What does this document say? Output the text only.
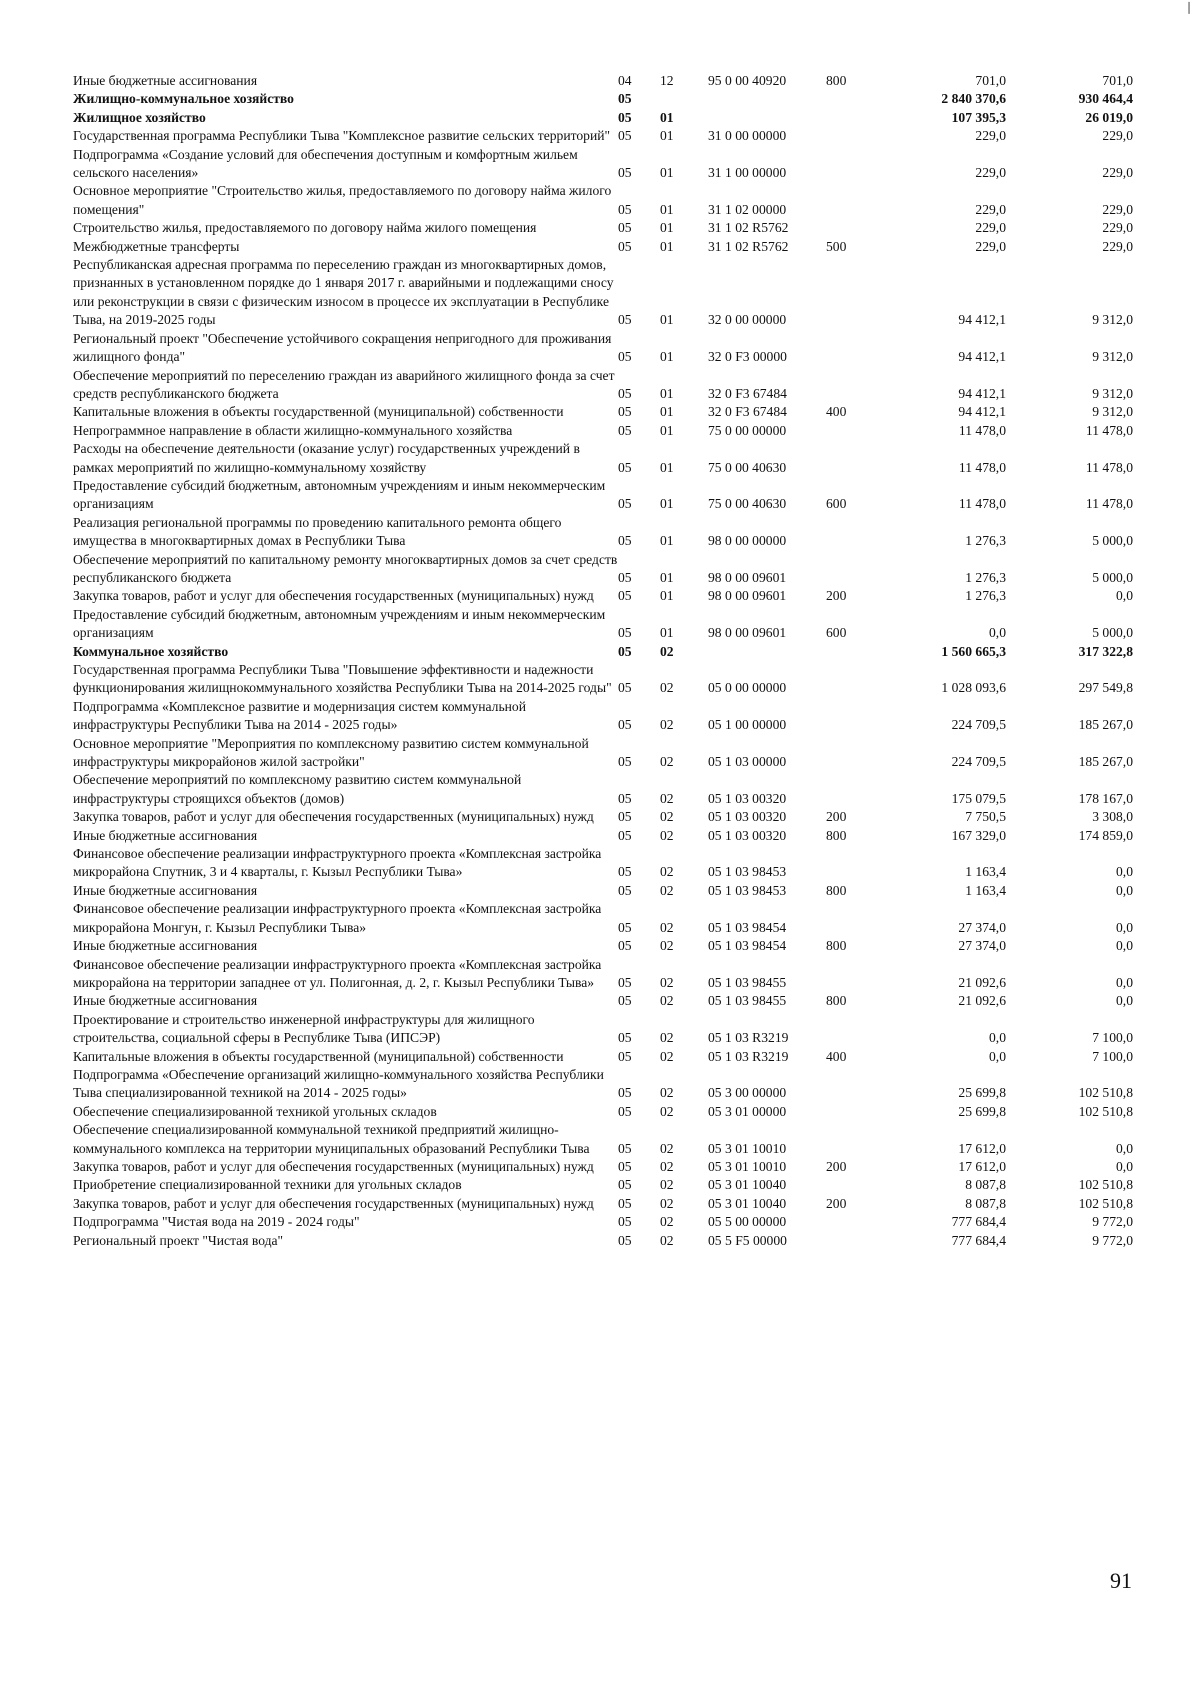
❘
Иные бюджетные ассигнования	04	12	95 0 00 40920	800	701,0	701,0
Жилищно-коммунальное хозяйство	05				2 840 370,6	930 464,4
Жилищное хозяйство	05	01			107 395,3	26 019,0
Государственная программа Республики Тыва "Комплексное развитие сельских территорий"	05	01	31 0 00 00000		229,0	229,0
Подпрограмма «Создание условий для обеспечения доступным и комфортным жильем сельского населения»	05	01	31 1 00 00000		229,0	229,0
Основное мероприятие "Строительство жилья, предоставляемого по договору найма жилого помещения"	05	01	31 1 02 00000		229,0	229,0
Строительство жилья, предоставляемого по договору найма жилого помещения	05	01	31 1 02 R5762		229,0	229,0
Межбюджетные трансферты	05	01	31 1 02 R5762	500	229,0	229,0
Республиканская адресная программа по переселению граждан из многоквартирных домов, признанных в установленном порядке до 1 января 2017 г. аварийными и подлежащими сносу или реконструкции в связи с физическим износом в процессе их эксплуатации в Республике Тыва, на 2019-2025 годы	05	01	32 0 00 00000		94 412,1	9 312,0
Региональный проект "Обеспечение устойчивого сокращения непригодного для проживания жилищного фонда"	05	01	32 0 F3 00000		94 412,1	9 312,0
Обеспечение мероприятий по переселению граждан из аварийного жилищного фонда за счет средств республиканского бюджета	05	01	32 0 F3 67484		94 412,1	9 312,0
Капитальные вложения в объекты государственной (муниципальной) собственности	05	01	32 0 F3 67484	400	94 412,1	9 312,0
Непрограммное направление в области жилищно-коммунального хозяйства	05	01	75 0 00 00000		11 478,0	11 478,0
Расходы на обеспечение деятельности (оказание услуг) государственных учреждений в рамках мероприятий по жилищно-коммунальному хозяйству	05	01	75 0 00 40630		11 478,0	11 478,0
Предоставление субсидий бюджетным, автономным учреждениям и иным некоммерческим организациям	05	01	75 0 00 40630	600	11 478,0	11 478,0
Реализация региональной программы по проведению капитального ремонта общего имущества в многоквартирных домах в Республики Тыва	05	01	98 0 00 00000		1 276,3	5 000,0
Обеспечение мероприятий по капитальному ремонту многоквартирных домов за счет средств республиканского бюджета	05	01	98 0 00 09601		1 276,3	5 000,0
Закупка товаров, работ и услуг для обеспечения государственных (муниципальных) нужд	05	01	98 0 00 09601	200	1 276,3	0,0
Предоставление субсидий бюджетным, автономным учреждениям и иным некоммерческим организациям	05	01	98 0 00 09601	600	0,0	5 000,0
Коммунальное хозяйство	05	02			1 560 665,3	317 322,8
Государственная программа Республики Тыва "Повышение эффективности и надежности функционирования жилищнокоммунального хозяйства Республики Тыва на 2014-2025 годы"	05	02	05 0 00 00000		1 028 093,6	297 549,8
Подпрограмма «Комплексное развитие и модернизация систем коммунальной инфраструктуры Республики Тыва на 2014 - 2025 годы»	05	02	05 1 00 00000		224 709,5	185 267,0
Основное мероприятие "Мероприятия по комплексному развитию систем коммунальной инфраструктуры микрорайонов жилой застройки"	05	02	05 1 03 00000		224 709,5	185 267,0
Обеспечение мероприятий по комплексному развитию систем коммунальной инфраструктуры строящихся объектов (домов)	05	02	05 1 03 00320		175 079,5	178 167,0
Закупка товаров, работ и услуг для обеспечения государственных (муниципальных) нужд	05	02	05 1 03 00320	200	7 750,5	3 308,0
Иные бюджетные ассигнования	05	02	05 1 03 00320	800	167 329,0	174 859,0
Финансовое обеспечение реализации инфраструктурного проекта «Комплексная застройка микрорайона Спутник, 3 и 4 кварталы, г. Кызыл Республики Тыва»	05	02	05 1 03 98453		1 163,4	0,0
Иные бюджетные ассигнования	05	02	05 1 03 98453	800	1 163,4	0,0
Финансовое обеспечение реализации инфраструктурного проекта «Комплексная застройка микрорайона Монгун, г. Кызыл Республики Тыва»	05	02	05 1 03 98454		27 374,0	0,0
Иные бюджетные ассигнования	05	02	05 1 03 98454	800	27 374,0	0,0
Финансовое обеспечение реализации инфраструктурного проекта «Комплексная застройка микрорайона на территории западнее от ул. Полигонная, д. 2, г. Кызыл Республики Тыва»	05	02	05 1 03 98455		21 092,6	0,0
Иные бюджетные ассигнования	05	02	05 1 03 98455	800	21 092,6	0,0
Проектирование и строительство инженерной инфраструктуры для жилищного строительства, социальной сферы в Республике Тыва (ИПСЭР)	05	02	05 1 03 R3219		0,0	7 100,0
Капитальные вложения в объекты государственной (муниципальной) собственности	05	02	05 1 03 R3219	400	0,0	7 100,0
Подпрограмма «Обеспечение организаций жилищно-коммунального хозяйства Республики Тыва специализированной техникой на 2014 - 2025 годы»	05	02	05 3 00 00000		25 699,8	102 510,8
Обеспечение специализированной техникой угольных складов	05	02	05 3 01 00000		25 699,8	102 510,8
Обеспечение специализированной коммунальной техникой предприятий жилищно-коммунального комплекса на территории муниципальных образований Республики Тыва	05	02	05 3 01 10010		17 612,0	0,0
Закупка товаров, работ и услуг для обеспечения государственных (муниципальных) нужд	05	02	05 3 01 10010	200	17 612,0	0,0
Приобретение специализированной техники для угольных складов	05	02	05 3 01 10040		8 087,8	102 510,8
Закупка товаров, работ и услуг для обеспечения государственных (муниципальных) нужд	05	02	05 3 01 10040	200	8 087,8	102 510,8
Подпрограмма "Чистая вода на 2019 - 2024 годы"	05	02	05 5 00 00000		777 684,4	9 772,0
Региональный проект "Чистая вода"	05	02	05 5 F5 00000		777 684,4	9 772,0
91
